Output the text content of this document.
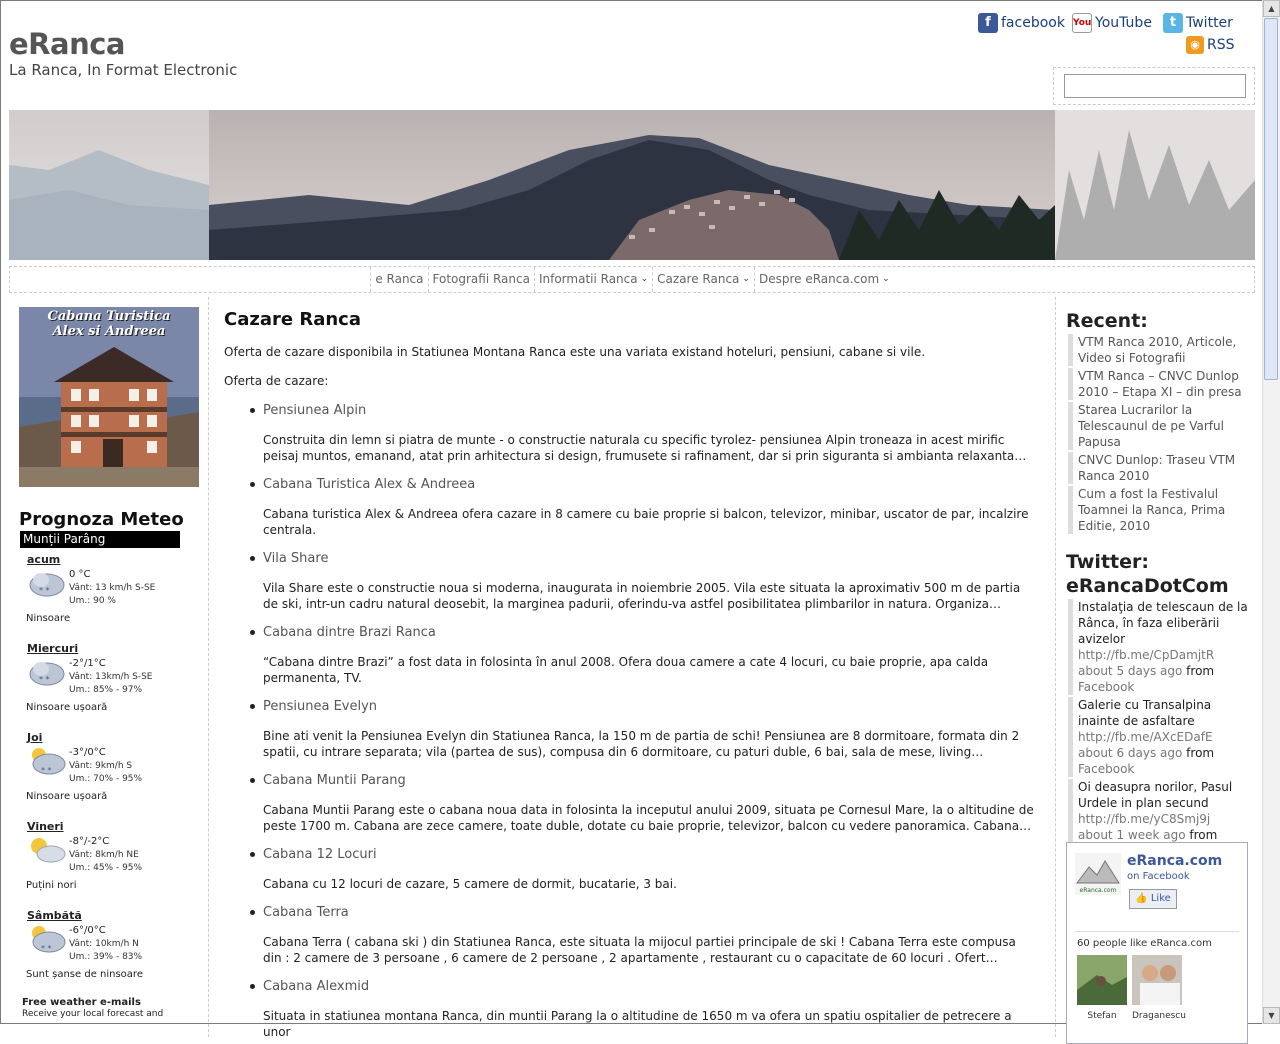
eRanca
La Ranca, In Format Electronic
f facebook You YouTube	t Twitter
◉ RSS
e Ranca Fotografii Ranca Informatii Ranca ⌄ Cazare Ranca ⌄ Despre eRanca.com ⌄
Cabana Turistica
Alex si Andreea
Prognoza Meteo
Munții Parâng
acum
* *
0 °C
Vânt: 13 km/h S-SE
Um.: 90 %
Ninsoare
Miercuri
* *
-2°/1°C
Vânt: 13km/h S-SE
Um.: 85% - 97%
Ninsoare ușoară
Joi
* *
-3°/0°C
Vânt: 9km/h S
Um.: 70% - 95%
Ninsoare ușoară
Vineri
-8°/-2°C
Vânt: 8km/h NE
Um.: 45% - 95%
Puțini nori
Sâmbătă
* *
-6°/0°C
Vânt: 10km/h N
Um.: 39% - 83%
Sunt șanse de ninsoare
Free weather e-mails
Receive your local forecast and
Cazare Ranca
Oferta de cazare disponibila in Statiunea Montana Ranca este una variata existand hoteluri, pensiuni, cabane si vile.
Oferta de cazare:
Pensiunea Alpin
Construita din lemn si piatra de munte - o constructie naturala cu specific tyrolez- pensiunea Alpin troneaza in acest mirific peisaj muntos, emanand, atat prin arhitectura si design, frumusete si rafinament, dar si prin siguranta si ambianta relaxanta…
Cabana Turistica Alex & Andreea
Cabana turistica Alex & Andreea ofera cazare in 8 camere cu baie proprie si balcon, televizor, minibar, uscator de par, incalzire centrala.
Vila Share
Vila Share este o constructie noua si moderna, inaugurata in noiembrie 2005. Vila este situata la aproximativ 500 m de partia de ski, intr-un cadru natural deosebit, la marginea padurii, oferindu-va astfel posibilitatea plimbarilor in natura. Organiza…
Cabana dintre Brazi Ranca
“Cabana dintre Brazi” a fost data in folosinta în anul 2008. Ofera doua camere a cate 4 locuri, cu baie proprie, apa calda permanenta, TV.
Pensiunea Evelyn
Bine ati venit la Pensiunea Evelyn din Statiunea Ranca, la 150 m de partia de schi! Pensiunea are 8 dormitoare, formata din 2 spatii, cu intrare separata; vila (partea de sus), compusa din 6 dormitoare, cu paturi duble, 6 bai, sala de mese, living…
Cabana Muntii Parang
Cabana Muntii Parang este o cabana noua data in folosinta la inceputul anului 2009, situata pe Cornesul Mare, la o altitudine de peste 1700 m. Cabana are zece camere, toate duble, dotate cu baie proprie, televizor, balcon cu vedere panoramica. Cabana…
Cabana 12 Locuri
Cabana cu 12 locuri de cazare, 5 camere de dormit, bucatarie, 3 bai.
Cabana Terra
Cabana Terra ( cabana ski ) din Statiunea Ranca, este situata la mijocul partiei principale de ski ! Cabana Terra este compusa din : 2 camere de 3 persoane , 6 camere de 2 persoane , 2 apartamente , restaurant cu o capacitate de 60 locuri . Ofert…
Cabana Alexmid
Situata in statiunea montana Ranca, din muntii Parang la o altitudine de 1650 m va ofera un spatiu ospitalier de petrecere a unor
Recent:
VTM Ranca 2010, Articole, Video si Fotografii
VTM Ranca – CNVC Dunlop 2010 – Etapa XI – din presa
Starea Lucrarilor la Telescaunul de pe Varful Papusa
CNVC Dunlop: Traseu VTM Ranca 2010
Cum a fost la Festivalul Toamnei la Ranca, Prima Editie, 2010
Twitter: eRancaDotCom
Instalaţia de telescaun de la Rânca, în faza eliberării avizelor http://fb.me/CpDamjtR about 5 days ago from Facebook
Galerie cu Transalpina inainte de asfaltare http://fb.me/AXcEDafE about 6 days ago from Facebook
Oi deasupra norilor, Pasul Urdele in plan secund http://fb.me/yC8Smj9j about 1 week ago from
eRanca.com
eRanca.com
on Facebook
👍 Like
60 people like eRanca.com
Stefan	Draganescu
▲
▼
